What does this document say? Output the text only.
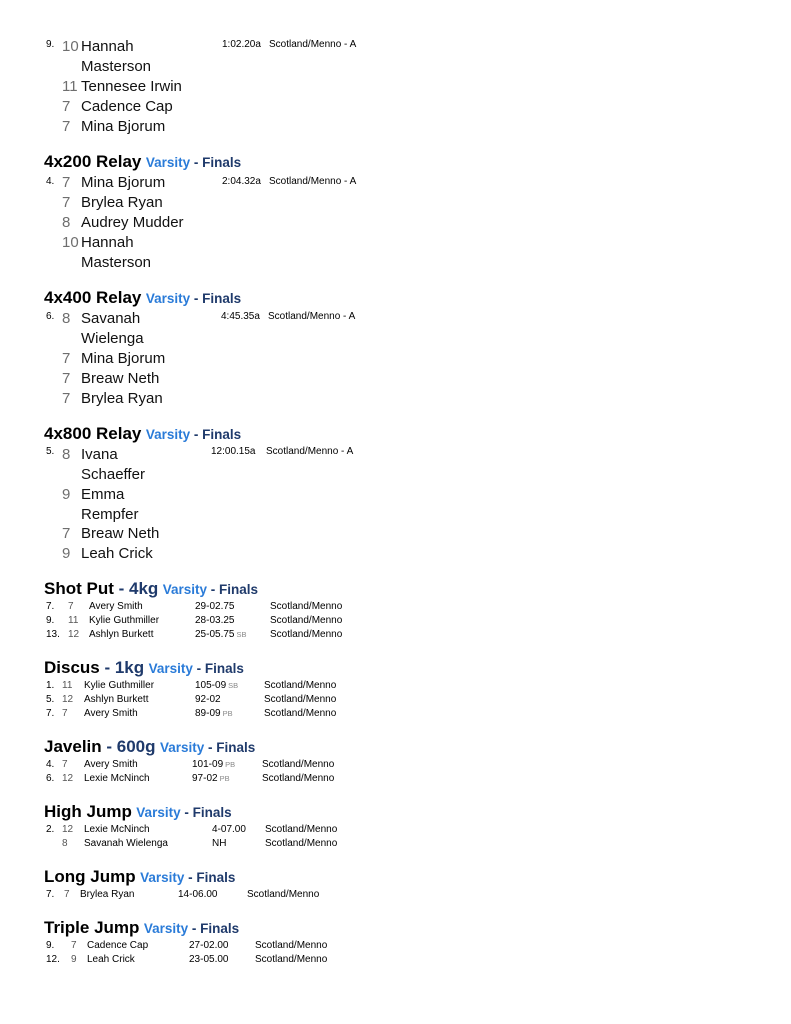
9.	1:02.20a Scotland/Menno - A
10 Hannah
Masterson
11 Tennesee Irwin
7 Cadence Cap
7 Mina Bjorum
4x200 Relay Varsity - Finals
4.	2:04.32a Scotland/Menno - A
7 Mina Bjorum
7 Brylea Ryan
8 Audrey Mudder
10 Hannah
Masterson
4x400 Relay Varsity - Finals
6.	4:45.35a Scotland/Menno - A
8 Savanah
Wielenga
7 Mina Bjorum
7 Breaw Neth
7 Brylea Ryan
4x800 Relay Varsity - Finals
5.	12:00.15a Scotland/Menno - A
8 Ivana
Schaeffer
9 Emma
Rempfer
7 Breaw Neth
9 Leah Crick
Shot Put - 4kg Varsity - Finals
7. 7 Avery Smith	29-02.75	Scotland/Menno
9. 11 Kylie Guthmiller	28-03.25	Scotland/Menno
13. 12 Ashlyn Burkett	25-05.75 SB Scotland/Menno
Discus - 1kg Varsity - Finals
1. 11 Kylie Guthmiller	105-09 SB	Scotland/Menno
5. 12 Ashlyn Burkett	92-02	Scotland/Menno
7. 7 Avery Smith	89-09 PB	Scotland/Menno
Javelin - 600g Varsity - Finals
4. 7 Avery Smith	101-09 PB	Scotland/Menno
6. 12 Lexie McNinch	97-02 PB	Scotland/Menno
High Jump Varsity - Finals
2. 12 Lexie McNinch	4-07.00 Scotland/Menno
8 Savanah Wielenga	NH	Scotland/Menno
Long Jump Varsity - Finals
7. 7 Brylea Ryan	14-06.00	Scotland/Menno
Triple Jump Varsity - Finals
9. 7 Cadence Cap	27-02.00	Scotland/Menno
12. 9 Leah Crick	23-05.00	Scotland/Menno
